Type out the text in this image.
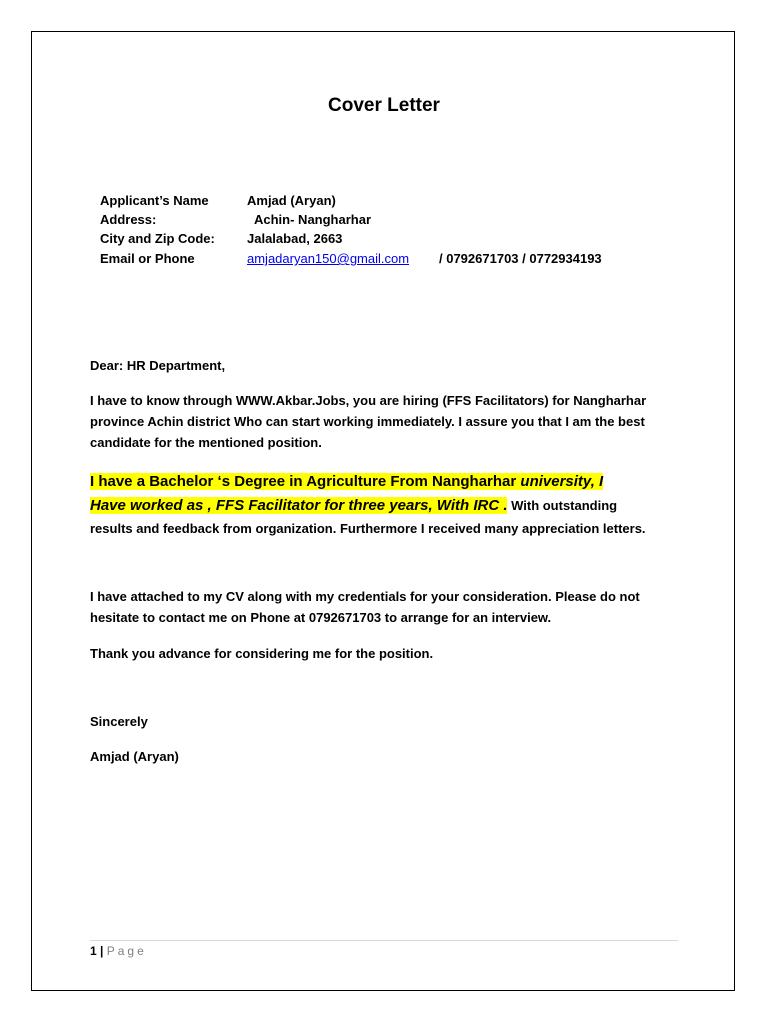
Cover Letter
Applicant’s Name	Amjad (Aryan)
Address:	Achin- Nangharhar
City and Zip Code: Jalalabad, 2663
Email or Phone	amjadaryan150@gmail.com / 0792671703 / 0772934193
Dear: HR Department,
I have to know through WWW.Akbar.Jobs, you are hiring (FFS Facilitators) for Nangharhar
province Achin district Who can start working immediately. I assure you that I am the best
candidate for the mentioned position.
I have a Bachelor ‘s Degree in Agriculture From Nangharhar university, I
Have worked as , FFS Facilitator for three years, With IRC . With outstanding
results and feedback from organization. Furthermore I received many appreciation letters.
I have attached to my CV along with my credentials for your consideration. Please do not
hesitate to contact me on Phone at 0792671703 to arrange for an interview.
Thank you advance for considering me for the position.
Sincerely
Amjad (Aryan)
1 | Page
